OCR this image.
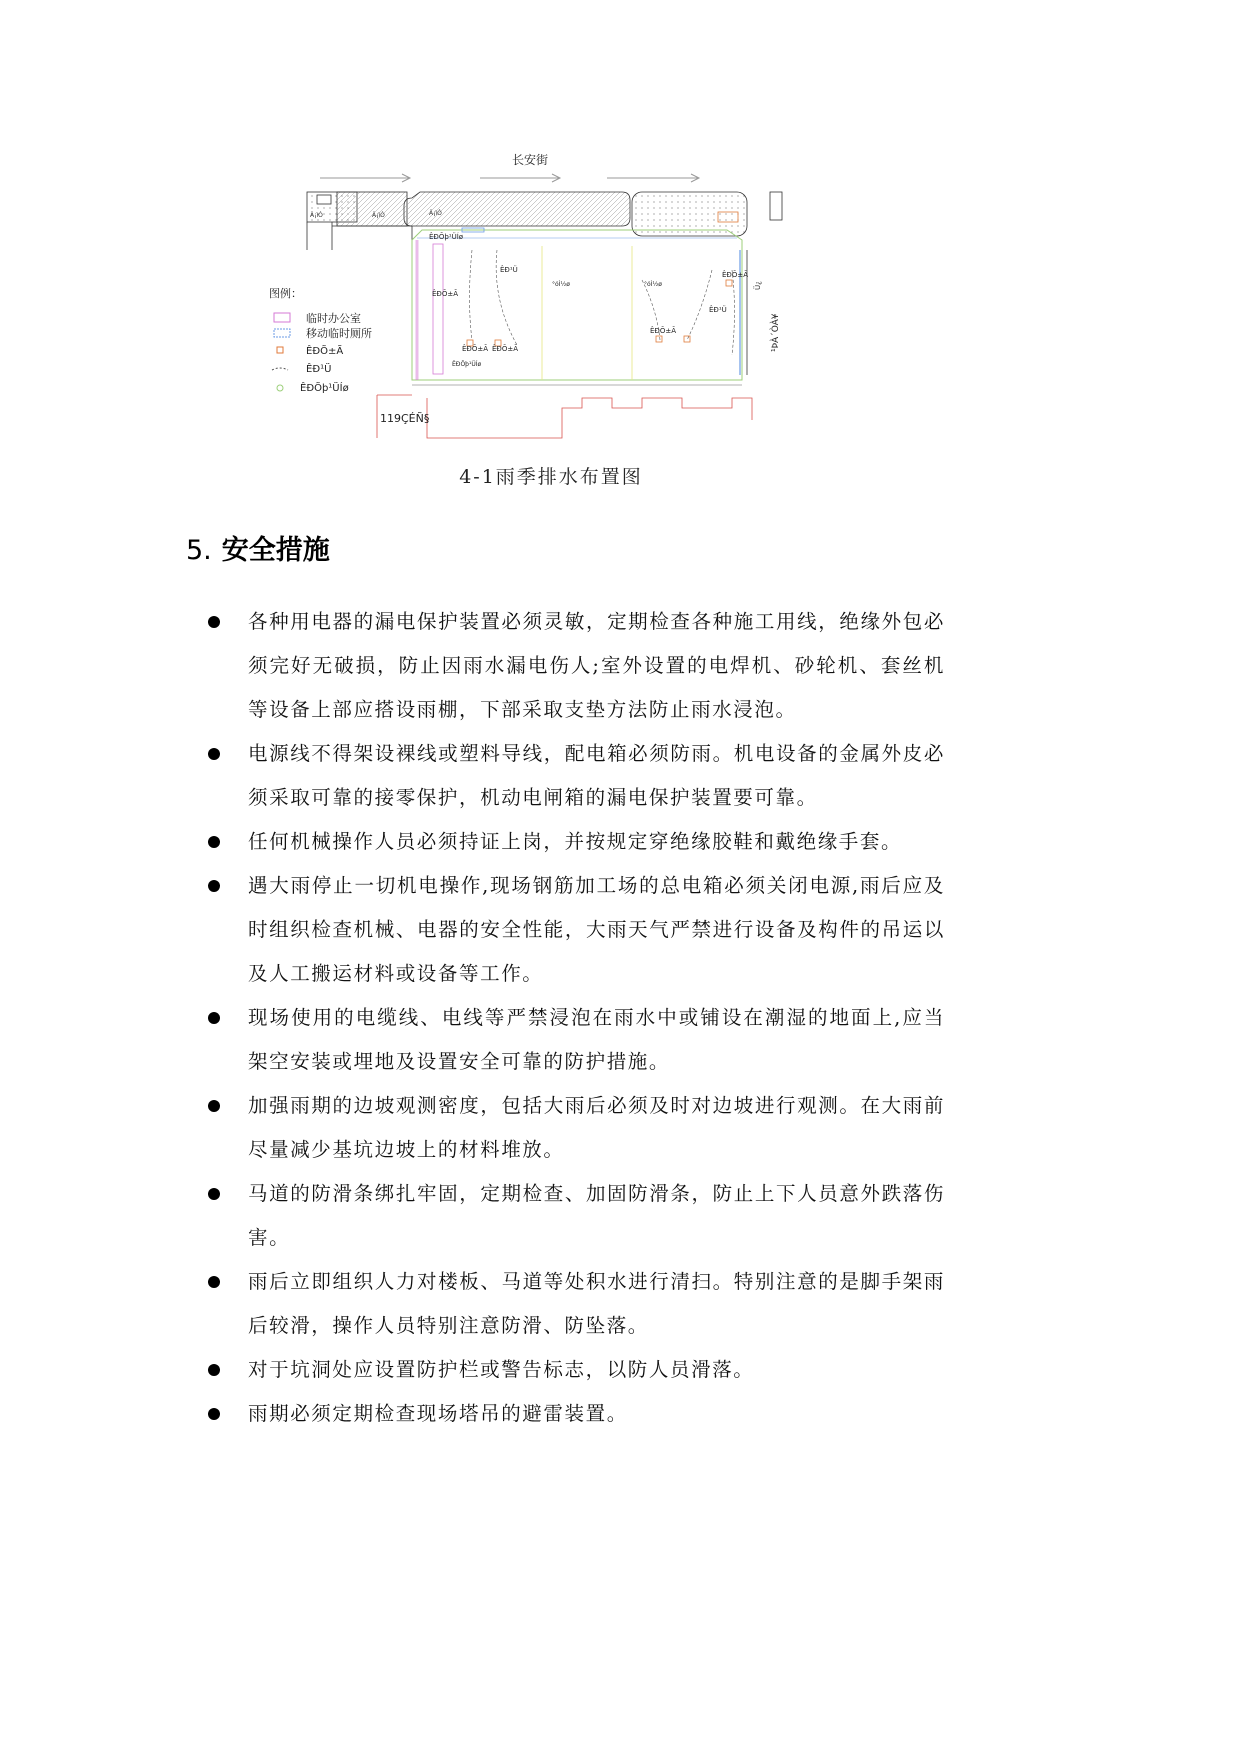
长安街
Ä¡ìÓ	Ä¡ìÓ	Ä¡ìÓ
ÊÐÕþ¹ÜÍø
ÊÐ¹Ü
ÊÐ¹Ü
ÊÐÕ±Ã
ÊÐÕ±Ã ÊÐÕ±Ã
ÊÐÕ±Ã
ÊÐÕ±Ã
°óÌ½ø	°óÌ½ø
ÊÐÕþ¹ÜÍø
¹ÞÀ´ÒÀ¥
Ü¿
119ÇÉÑ§
图例：
临时办公室
移动临时厕所
ÊÐÕ±Ã
ÊÐ¹Ü
ÊÐÕþ¹ÜÍø
4-1雨季排水布置图
5. 安全措施
各种用电器的漏电保护装置必须灵敏，定期检查各种施工用线，绝缘外包必须完好无破损，防止因雨水漏电伤人;室外设置的电焊机、砂轮机、套丝机等设备上部应搭设雨棚，下部采取支垫方法防止雨水浸泡。
电源线不得架设裸线或塑料导线，配电箱必须防雨。机电设备的金属外皮必须采取可靠的接零保护，机动电闸箱的漏电保护装置要可靠。
任何机械操作人员必须持证上岗，并按规定穿绝缘胶鞋和戴绝缘手套。
遇大雨停止一切机电操作,现场钢筋加工场的总电箱必须关闭电源,雨后应及时组织检查机械、电器的安全性能，大雨天气严禁进行设备及构件的吊运以及人工搬运材料或设备等工作。
现场使用的电缆线、电线等严禁浸泡在雨水中或铺设在潮湿的地面上,应当架空安装或埋地及设置安全可靠的防护措施。
加强雨期的边坡观测密度，包括大雨后必须及时对边坡进行观测。在大雨前尽量减少基坑边坡上的材料堆放。
马道的防滑条绑扎牢固，定期检查、加固防滑条，防止上下人员意外跌落伤害。
雨后立即组织人力对楼板、马道等处积水进行清扫。特别注意的是脚手架雨后较滑，操作人员特别注意防滑、防坠落。
对于坑洞处应设置防护栏或警告标志，以防人员滑落。
雨期必须定期检查现场塔吊的避雷装置。
